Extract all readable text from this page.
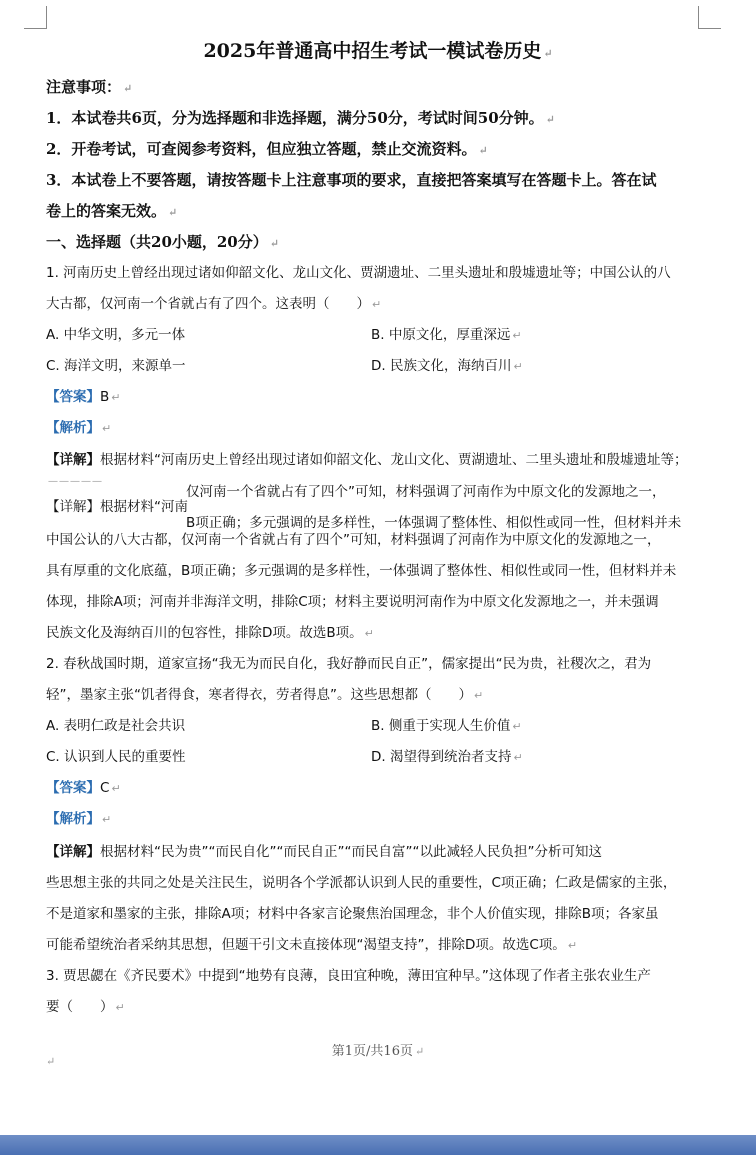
2025年普通高中招生考试一模试卷历史 ↵
注意事项： ↵
1．本试卷共6页，分为选择题和非选择题，满分50分，考试时间50分钟。 ↵
2．开卷考试，可查阅参考资料，但应独立答题，禁止交流资料。 ↵
3．本试卷上不要答题，请按答题卡上注意事项的要求，直接把答案填写在答题卡上。答在试
卷上的答案无效。 ↵
一、选择题（共20小题，20分） ↵
1. 河南历史上曾经出现过诸如仰韶文化、龙山文化、贾湖遗址、二里头遗址和殷墟遗址等；中国公认的八
大古都，仅河南一个省就占有了四个。这表明（　　） ↵
A. 中华文明，多元一体	B. 中原文化，厚重深远 ↵
C. 海洋文明，来源单一	D. 民族文化，海纳百川 ↵
【答案】B ↵
【解析】 ↵
【详解】根据材料“河南历史上曾经出现过诸如仰韶文化、龙山文化、贾湖遗址、二里头遗址和殷墟遗址等；
—————
【详解】根据材料“河南
仅河南一个省就占有了四个”可知，材料强调了河南作为中原文化的发源地之一，
B项正确；多元强调的是多样性，一体强调了整体性、相似性或同一性，但材料并未
中国公认的八大古都，仅河南一个省就占有了四个”可知，材料强调了河南作为中原文化的发源地之一，
具有厚重的文化底蕴，B项正确；多元强调的是多样性，一体强调了整体性、相似性或同一性，但材料并未
体现，排除A项；河南并非海洋文明，排除C项；材料主要说明河南作为中原文化发源地之一，并未强调
民族文化及海纳百川的包容性，排除D项。故选B项。 ↵
2. 春秋战国时期，道家宣扬“我无为而民自化，我好静而民自正”，儒家提出“民为贵，社稷次之，君为
轻”，墨家主张“饥者得食，寒者得衣，劳者得息”。这些思想都（　　） ↵
A. 表明仁政是社会共识	B. 侧重于实现人生价值 ↵
C. 认识到人民的重要性	D. 渴望得到统治者支持 ↵
【答案】C ↵
【解析】 ↵
【详解】根据材料“民为贵”“而民自化”“而民自正”“而民自富”“以此减轻人民负担”分析可知这
些思想主张的共同之处是关注民生，说明各个学派都认识到人民的重要性，C项正确；仁政是儒家的主张，
不是道家和墨家的主张，排除A项；材料中各家言论聚焦治国理念，非个人价值实现，排除B项；各家虽
可能希望统治者采纳其思想，但题干引文未直接体现“渴望支持”，排除D项。故选C项。 ↵
3. 贾思勰在《齐民要术》中提到“地势有良薄，良田宜种晚，薄田宜种早。”这体现了作者主张农业生产
要（　　） ↵
第1页/共16页 ↵
↵
